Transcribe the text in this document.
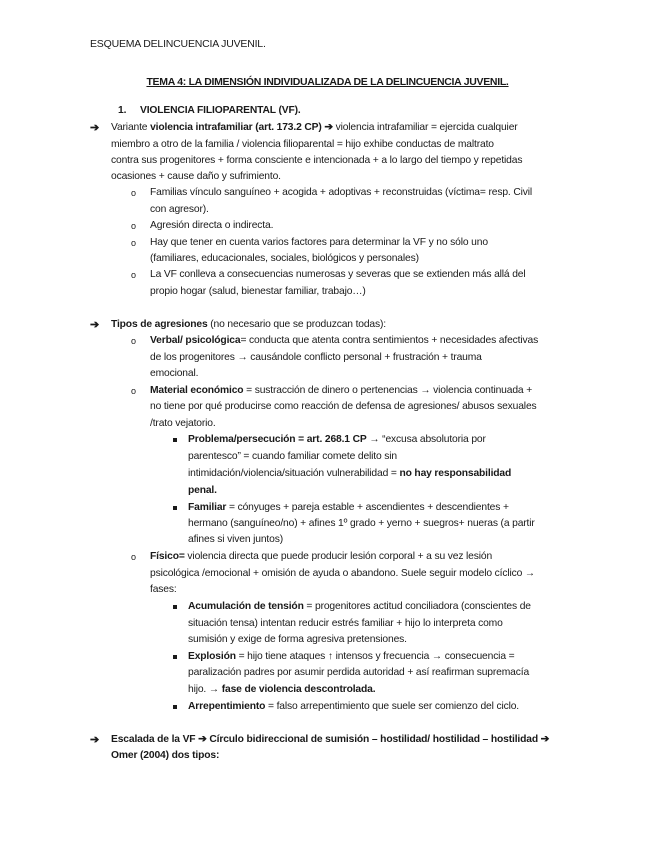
ESQUEMA DELINCUENCIA JUVENIL.
TEMA 4: LA DIMENSIÓN INDIVIDUALIZADA DE LA DELINCUENCIA JUVENIL.
1. VIOLENCIA FILIOPARENTAL (VF).
➔ Variante violencia intrafamiliar (art. 173.2 CP) ➔ violencia intrafamiliar = ejercida cualquier
miembro a otro de la familia / violencia filioparental = hijo exhibe conductas de maltrato
contra sus progenitores + forma consciente e intencionada + a lo largo del tiempo y repetidas
ocasiones + cause daño y sufrimiento.
o Familias vínculo sanguíneo + acogida + adoptivas + reconstruidas (víctima= resp. Civil
con agresor).
o Agresión directa o indirecta.
o Hay que tener en cuenta varios factores para determinar la VF y no sólo uno
(familiares, educacionales, sociales, biológicos y personales)
o La VF conlleva a consecuencias numerosas y severas que se extienden más allá del
propio hogar (salud, bienestar familiar, trabajo…)
➔ Tipos de agresiones (no necesario que se produzcan todas):
o Verbal/ psicológica= conducta que atenta contra sentimientos + necesidades afectivas
de los progenitores → causándole conflicto personal + frustración + trauma
emocional.
o Material económico = sustracción de dinero o pertenencias → violencia continuada +
no tiene por qué producirse como reacción de defensa de agresiones/ abusos sexuales
/trato vejatorio.
Problema/persecución = art. 268.1 CP → “excusa absolutoria por
parentesco” = cuando familiar comete delito sin
intimidación/violencia/situación vulnerabilidad = no hay responsabilidad
penal.
Familiar = cónyuges + pareja estable + ascendientes + descendientes +
hermano (sanguíneo/no) + afines 1º grado + yerno + suegros+ nueras (a partir
afines si viven juntos)
o Físico= violencia directa que puede producir lesión corporal + a su vez lesión
psicológica /emocional + omisión de ayuda o abandono. Suele seguir modelo cíclico →
fases:
Acumulación de tensión = progenitores actitud conciliadora (conscientes de
situación tensa) intentan reducir estrés familiar + hijo lo interpreta como
sumisión y exige de forma agresiva pretensiones.
Explosión = hijo tiene ataques ↑ intensos y frecuencia → consecuencia =
paralización padres por asumir perdida autoridad + así reafirman supremacía
hijo. → fase de violencia descontrolada.
Arrepentimiento = falso arrepentimiento que suele ser comienzo del ciclo.
➔ Escalada de la VF ➔ Círculo bidireccional de sumisión – hostilidad/ hostilidad – hostilidad ➔
Omer (2004) dos tipos:
